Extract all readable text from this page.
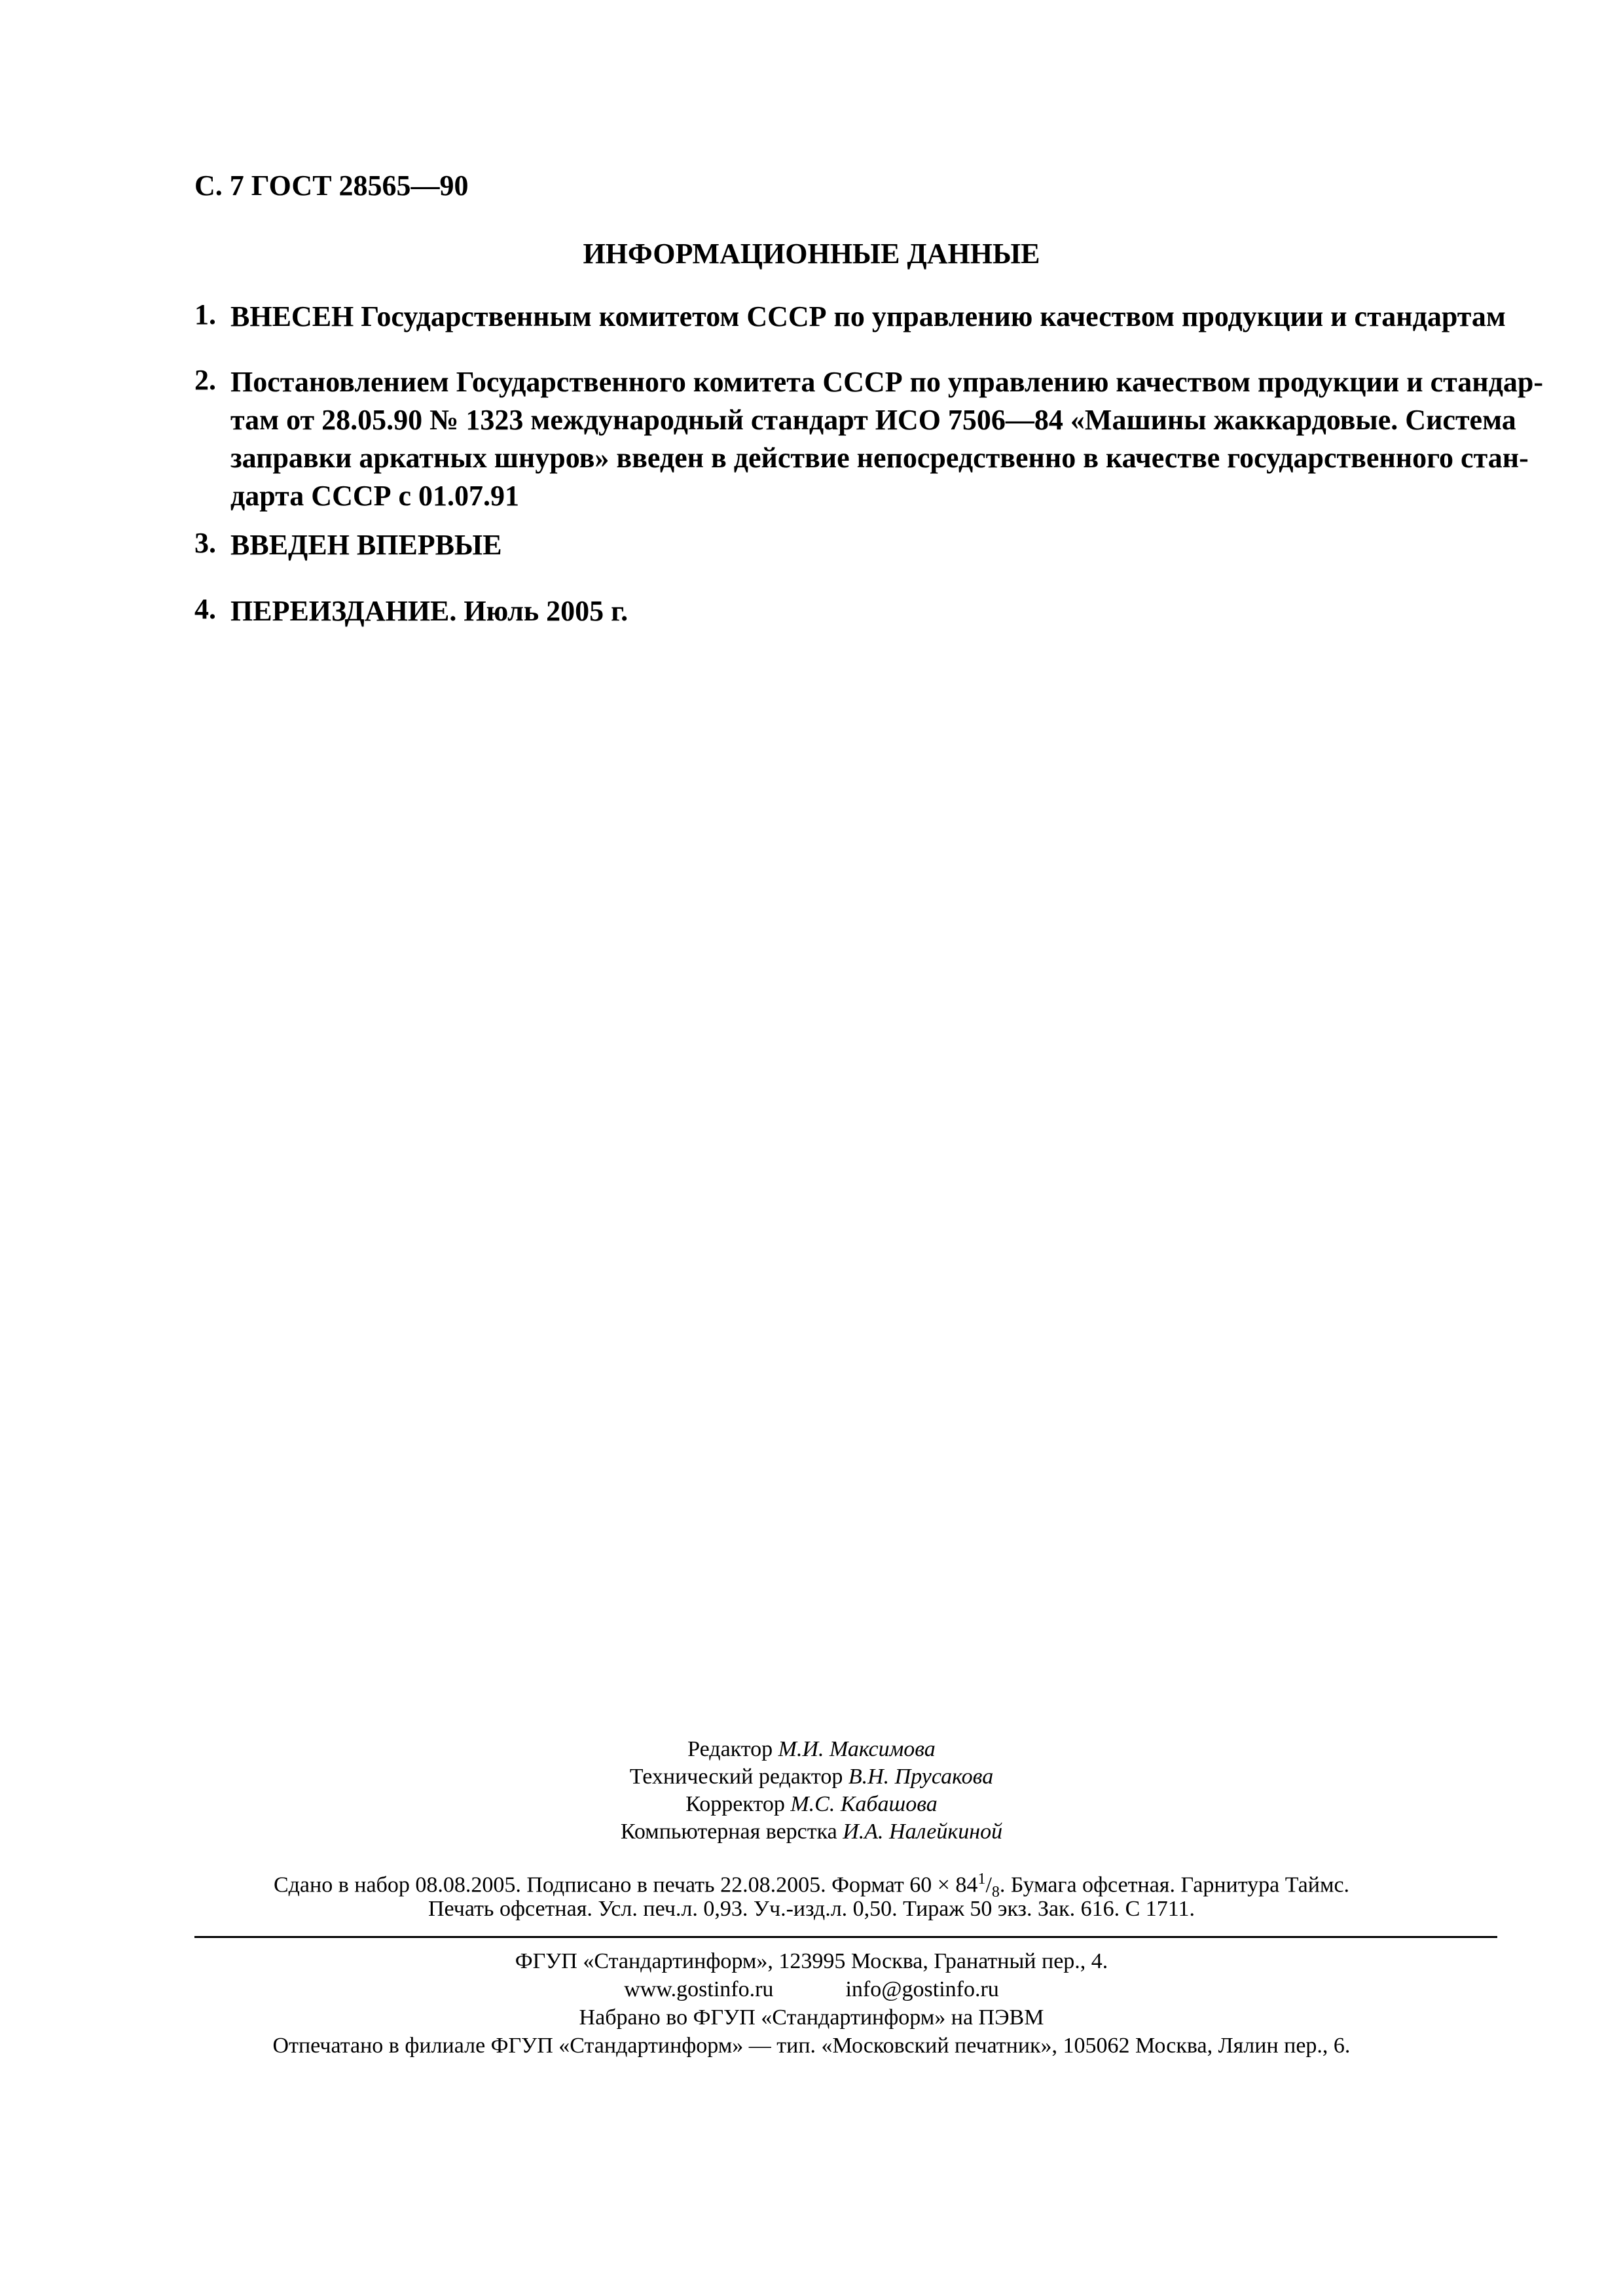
С. 7 ГОСТ 28565—90
ИНФОРМАЦИОННЫЕ ДАННЫЕ
1. ВНЕСЕН Государственным комитетом СССР по управлению качеством продукции и стандартам
2. Постановлением Государственного комитета СССР по управлению качеством продукции и стандар-
там от 28.05.90 № 1323 международный стандарт ИСО 7506—84 «Машины жаккардовые. Система
заправки аркатных шнуров» введен в действие непосредственно в качестве государственного стан-
дарта СССР с 01.07.91
3. ВВЕДЕН ВПЕРВЫЕ
4. ПЕРЕИЗДАНИЕ. Июль 2005 г.
Редактор М.И. Максимова
Технический редактор В.Н. Прусакова
Корректор М.С. Кабашова
Компьютерная верстка И.А. Налейкиной
Сдано в набор 08.08.2005. Подписано в печать 22.08.2005. Формат $60 \times 84^1/_8$. Бумага офсетная. Гарнитура Таймс.
Печать офсетная. Усл. печ.л. 0,93. Уч.-изд.л. 0,50. Тираж 50 экз. Зак. 616. С 1711.
ФГУП «Стандартинформ», 123995 Москва, Гранатный пер., 4.
www.gostinfo.ru	info@gostinfo.ru
Набрано во ФГУП «Стандартинформ» на ПЭВМ
Отпечатано в филиале ФГУП «Стандартинформ» — тип. «Московский печатник», 105062 Москва, Лялин пер., 6.
